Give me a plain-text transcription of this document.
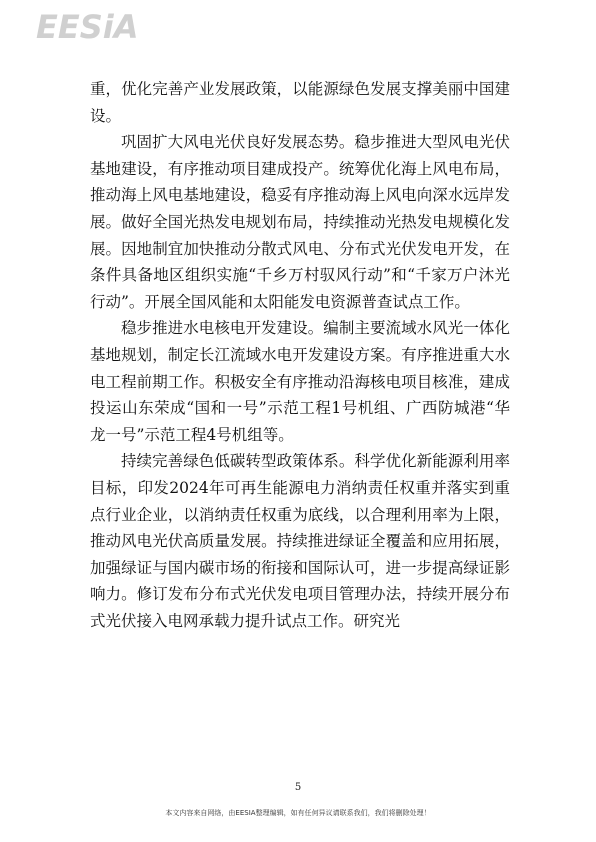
EESiA

重，优化完善产业发展政策，以能源绿色发展支撑美丽中国建设。

巩固扩大风电光伏良好发展态势。稳步推进大型风电光伏基地建设，有序推动项目建成投产。统筹优化海上风电布局，推动海上风电基地建设，稳妥有序推动海上风电向深水远岸发展。做好全国光热发电规划布局，持续推动光热发电规模化发展。因地制宜加快推动分散式风电、分布式光伏发电开发，在条件具备地区组织实施“千乡万村驭风行动”和“千家万户沐光行动”。开展全国风能和太阳能发电资源普查试点工作。

稳步推进水电核电开发建设。编制主要流域水风光一体化基地规划，制定长江流域水电开发建设方案。有序推进重大水电工程前期工作。积极安全有序推动沿海核电项目核准，建成投运山东荣成“国和一号”示范工程1号机组、广西防城港“华龙一号”示范工程4号机组等。

持续完善绿色低碳转型政策体系。科学优化新能源利用率目标，印发2024年可再生能源电力消纳责任权重并落实到重点行业企业，以消纳责任权重为底线，以合理利用率为上限，推动风电光伏高质量发展。持续推进绿证全覆盖和应用拓展，加强绿证与国内碳市场的衔接和国际认可，进一步提高绿证影响力。修订发布分布式光伏发电项目管理办法，持续开展分布式光伏接入电网承载力提升试点工作。研究光

5
本文内容来自网络，由EESIA整理编辑，如有任何异议请联系我们，我们将删除处理！
